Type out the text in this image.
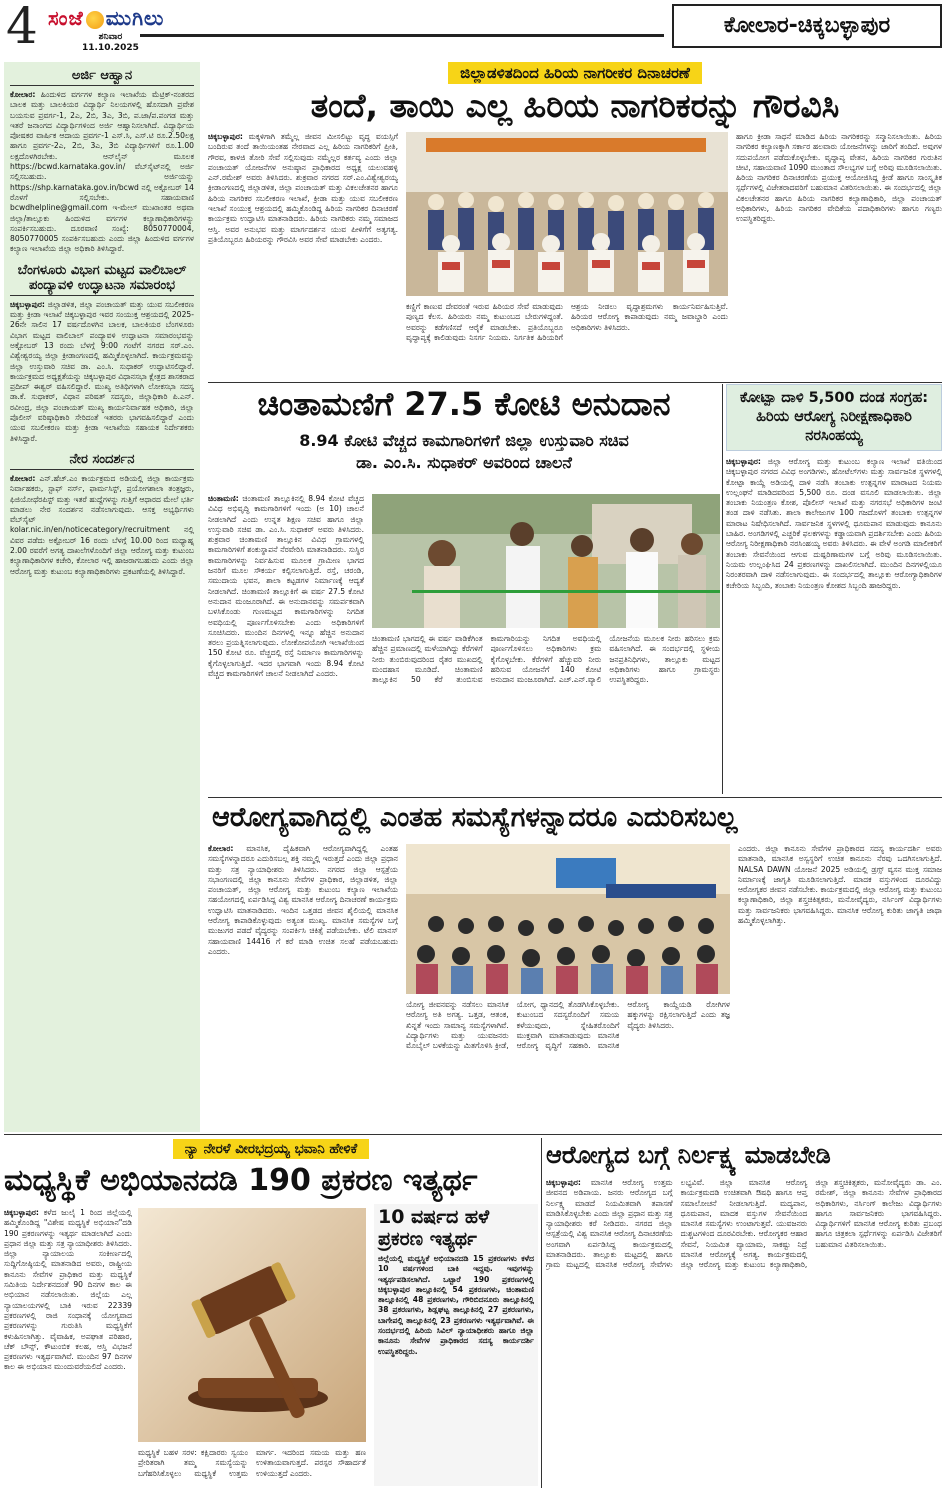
4 ಸಂಜೆ ಮುಗಿಲು
ಶನಿವಾರ
11.10.2025
ಕೋಲಾರ-ಚಿಕ್ಕಬಳ್ಳಾಪುರ
ಅರ್ಜಿ ಆಹ್ವಾನ
ಕೋಲಾರ: ಹಿಂದುಳಿದ ವರ್ಗಗಳ ಕಲ್ಯಾಣ ಇಲಾಖೆಯ ಮೆಟ್ರಿಕ್-ನಂತರದ ಬಾಲಕ ಮತ್ತು ಬಾಲಕಿಯರ ವಿದ್ಯಾರ್ಥಿ ನಿಲಯಗಳಲ್ಲಿ ಹೊಸದಾಗಿ ಪ್ರವೇಶ ಬಯಸುವ ಪ್ರವರ್ಗ-1, 2ಎ, 2ಬಿ, 3ಎ, 3ಬಿ, ಪ.ಜಾ/ಪ.ಪಂಗಡ ಮತ್ತು ಇತರೆ ಜನಾಂಗದ ವಿದ್ಯಾರ್ಥಿಗಳಿಂದ ಅರ್ಜಿ ಆಹ್ವಾನಿಸಲಾಗಿದೆ. ವಿದ್ಯಾರ್ಥಿಯ ಪೋಷಕರ ವಾರ್ಷಿಕ ಆದಾಯ ಪ್ರವರ್ಗ-1 ಎಸ್.ಸಿ, ಎಸ್.ಟಿ ರೂ.2.50ಲಕ್ಷ ಹಾಗೂ ಪ್ರವರ್ಗ-2ಎ, 2ಬಿ, 3ಎ, 3ಬಿ ವಿದ್ಯಾರ್ಥಿಗಳಿಗೆ ರೂ.1.00 ಲಕ್ಷದೊಳಗಿರಬೇಕು. ಆನ್‌ಲೈನ್ ಮೂಲಕ https://bcwd.karnataka.gov.in/ ವೆಬ್‌ಸೈಟ್‌ನಲ್ಲಿ ಅರ್ಜಿ ಸಲ್ಲಿಸಬಹುದು. ಅರ್ಜಿಯನ್ನು https://shp.karnataka.gov.in/bcwd ನಲ್ಲಿ ಅಕ್ಟೋಬರ್ 14 ರೊಳಗೆ ಸಲ್ಲಿಸಬೇಕು. ಸಹಾಯವಾಣಿ bcwdhelpline@gmail.com ಇ-ಮೇಲ್ ಮುಖಾಂತರ ಅಥವಾ ಜಿಲ್ಲಾ/ತಾಲ್ಲೂಕು ಹಿಂದುಳಿದ ವರ್ಗಗಳ ಕಲ್ಯಾಣಾಧಿಕಾರಿಗಳನ್ನು ಸಂಪರ್ಕಿಸಬಹುದು. ದೂರವಾಣಿ ಸಂಖ್ಯೆ: 8050770004, 8050770005 ಸಂಪರ್ಕಿಸಬಹುದು ಎಂದು ಜಿಲ್ಲಾ ಹಿಂದುಳಿದ ವರ್ಗಗಳ ಕಲ್ಯಾಣ ಇಲಾಖೆಯ ಜಿಲ್ಲಾ ಅಧಿಕಾರಿ ತಿಳಿಸಿದ್ದಾರೆ.
ಬೆಂಗಳೂರು ವಿಭಾಗ ಮಟ್ಟದ ವಾಲಿಬಾಲ್ ಪಂದ್ಯಾವಳಿ ಉದ್ಘಾಟನಾ ಸಮಾರಂಭ
ಚಿಕ್ಕಬಳ್ಳಾಪುರ: ಜಿಲ್ಲಾಡಳಿತ, ಜಿಲ್ಲಾ ಪಂಚಾಯತ್ ಮತ್ತು ಯುವ ಸಬಲೀಕರಣ ಮತ್ತು ಕ್ರೀಡಾ ಇಲಾಖೆ ಚಿಕ್ಕಬಳ್ಳಾಪುರ ಇವರ ಸಂಯುಕ್ತ ಆಶ್ರಯದಲ್ಲಿ 2025-26ನೇ ಸಾಲಿನ 17 ವರ್ಷದೊಳಗಿನ ಬಾಲಕ, ಬಾಲಕಿಯರ ಬೆಂಗಳೂರು ವಿಭಾಗ ಮಟ್ಟದ ವಾಲಿಬಾಲ್ ಪಂದ್ಯಾವಳಿ ಉದ್ಘಾಟನಾ ಸಮಾರಂಭವನ್ನು ಅಕ್ಟೋಬರ್ 13 ರಂದು ಬೆಳಗ್ಗೆ 9:00 ಗಂಟೆಗೆ ನಗರದ ಸರ್.ಎಂ. ವಿಶ್ವೇಶ್ವರಯ್ಯ ಜಿಲ್ಲಾ ಕ್ರೀಡಾಂಗಣದಲ್ಲಿ ಹಮ್ಮಿಕೊಳ್ಳಲಾಗಿದೆ. ಕಾರ್ಯಕ್ರಮವನ್ನು ಜಿಲ್ಲಾ ಉಸ್ತುವಾರಿ ಸಚಿವ ಡಾ. ಎಂ.ಸಿ. ಸುಧಾಕರ್ ಉದ್ಘಾಟಿಸಲಿದ್ದಾರೆ. ಕಾರ್ಯಕ್ರಮದ ಅಧ್ಯಕ್ಷತೆಯನ್ನು ಚಿಕ್ಕಬಳ್ಳಾಪುರ ವಿಧಾನಸಭಾ ಕ್ಷೇತ್ರದ ಶಾಸಕರಾದ ಪ್ರದೀಪ್ ಈಶ್ವರ್ ವಹಿಸಲಿದ್ದಾರೆ. ಮುಖ್ಯ ಅತಿಥಿಗಳಾಗಿ ಲೋಕಸಭಾ ಸದಸ್ಯ ಡಾ.ಕೆ. ಸುಧಾಕರ್, ವಿಧಾನ ಪರಿಷತ್ ಸದಸ್ಯರು, ಜಿಲ್ಲಾಧಿಕಾರಿ ಪಿ.ಎನ್. ರವೀಂದ್ರ, ಜಿಲ್ಲಾ ಪಂಚಾಯತ್ ಮುಖ್ಯ ಕಾರ್ಯನಿರ್ವಾಹಕ ಅಧಿಕಾರಿ, ಜಿಲ್ಲಾ ಪೊಲೀಸ್ ವರಿಷ್ಠಾಧಿಕಾರಿ ಸೇರಿದಂತೆ ಇತರರು ಭಾಗವಹಿಸಲಿದ್ದಾರೆ ಎಂದು ಯುವ ಸಬಲೀಕರಣ ಮತ್ತು ಕ್ರೀಡಾ ಇಲಾಖೆಯ ಸಹಾಯಕ ನಿರ್ದೇಶಕರು ತಿಳಿಸಿದ್ದಾರೆ.
ನೇರ ಸಂದರ್ಶನ
ಕೋಲಾರ: ಎನ್.ಹೆಚ್.ಎಂ ಕಾರ್ಯಕ್ರಮದ ಅಡಿಯಲ್ಲಿ ಜಿಲ್ಲಾ ಕಾರ್ಯಕ್ರಮ ನಿರ್ವಾಹಕರು, ಸ್ಟಾಫ್ ನರ್ಸ್, ಫಾರ್ಮಸಿಸ್ಟ್, ಪ್ರಯೋಗಶಾಲಾ ತಂತ್ರಜ್ಞರು, ಫಿಜಿಯೋಥೆರಪಿಸ್ಟ್ ಮತ್ತು ಇತರೆ ಹುದ್ದೆಗಳನ್ನು ಗುತ್ತಿಗೆ ಆಧಾರದ ಮೇಲೆ ಭರ್ತಿ ಮಾಡಲು ನೇರ ಸಂದರ್ಶನ ನಡೆಸಲಾಗುವುದು. ಆಸಕ್ತ ಅಭ್ಯರ್ಥಿಗಳು ವೆಬ್‌ಸೈಟ್ kolar.nic.in/en/noticecategory/recruitment ನಲ್ಲಿ ವಿವರ ಪಡೆದು ಅಕ್ಟೋಬರ್ 16 ರಂದು ಬೆಳಗ್ಗೆ 10.00 ರಿಂದ ಮಧ್ಯಾಹ್ನ 2.00 ರವರೆಗೆ ಅಗತ್ಯ ದಾಖಲೆಗಳೊಂದಿಗೆ ಜಿಲ್ಲಾ ಆರೋಗ್ಯ ಮತ್ತು ಕುಟುಂಬ ಕಲ್ಯಾಣಾಧಿಕಾರಿಗಳ ಕಚೇರಿ, ಕೋಲಾರ ಇಲ್ಲಿ ಹಾಜರಾಗಬಹುದು ಎಂದು ಜಿಲ್ಲಾ ಆರೋಗ್ಯ ಮತ್ತು ಕುಟುಂಬ ಕಲ್ಯಾಣಾಧಿಕಾರಿಗಳು ಪ್ರಕಟಣೆಯಲ್ಲಿ ತಿಳಿಸಿದ್ದಾರೆ.
ಜಿಲ್ಲಾಡಳಿತದಿಂದ ಹಿರಿಯ ನಾಗರೀಕರ ದಿನಾಚರಣೆ
ತಂದೆ, ತಾಯಿ ಎಲ್ಲ ಹಿರಿಯ ನಾಗರಿಕರನ್ನು ಗೌರವಿಸಿ
ಚಿಕ್ಕಬಳ್ಳಾಪುರ: ಮಕ್ಕಳಿಗಾಗಿ ತಮ್ಮೆಲ್ಲ ಜೀವನ ಮೀಸಲಿಟ್ಟು ವೃದ್ಧ ವಯಸ್ಸಿಗೆ ಬಂದಿರುವ ತಂದೆ ತಾಯಿಯಂತಹ ನೇರವಾದ ಎಲ್ಲ ಹಿರಿಯ ನಾಗರಿಕರಿಗೆ ಪ್ರೀತಿ, ಗೌರವ, ಕಾಳಜಿ ತೋರಿ ಸೇವೆ ಸಲ್ಲಿಸುವುದು ನಮ್ಮೆಲ್ಲರ ಕರ್ತವ್ಯ ಎಂದು ಜಿಲ್ಲಾ ಪಂಚಾಯತ್ ಯೋಜನೆಗಳ ಅನುಷ್ಠಾನ ಪ್ರಾಧಿಕಾರದ ಅಧ್ಯಕ್ಷ ಯಲುವಹಳ್ಳಿ ಎನ್.ರಮೇಶ್ ಅವರು ತಿಳಿಸಿದರು. ಶುಕ್ರವಾರ ನಗರದ ಸರ್.ಎಂ.ವಿಶ್ವೇಶ್ವರಯ್ಯ ಕ್ರೀಡಾಂಗಣದಲ್ಲಿ ಜಿಲ್ಲಾಡಳಿತ, ಜಿಲ್ಲಾ ಪಂಚಾಯತ್ ಮತ್ತು ವಿಕಲಚೇತನರ ಹಾಗೂ ಹಿರಿಯ ನಾಗರಿಕರ ಸಬಲೀಕರಣ ಇಲಾಖೆ, ಕ್ರೀಡಾ ಮತ್ತು ಯುವ ಸಬಲೀಕರಣ ಇಲಾಖೆ ಸಂಯುಕ್ತ ಆಶ್ರಯದಲ್ಲಿ ಹಮ್ಮಿಕೊಂಡಿದ್ದ ಹಿರಿಯ ನಾಗರಿಕರ ದಿನಾಚರಣೆ ಕಾರ್ಯಕ್ರಮ ಉದ್ಘಾಟಿಸಿ ಮಾತನಾಡಿದರು. ಹಿರಿಯ ನಾಗರಿಕರು ನಮ್ಮ ಸಮಾಜದ ಆಸ್ತಿ. ಅವರ ಅನುಭವ ಮತ್ತು ಮಾರ್ಗದರ್ಶನ ಯುವ ಪೀಳಿಗೆಗೆ ಅತ್ಯಗತ್ಯ. ಪ್ರತಿಯೊಬ್ಬರೂ ಹಿರಿಯರನ್ನು ಗೌರವಿಸಿ ಅವರ ಸೇವೆ ಮಾಡಬೇಕು ಎಂದರು.
ಕಣ್ಣಿಗೆ ಕಾಣುವ ದೇವರಂತೆ ಇರುವ ಹಿರಿಯರ ಸೇವೆ ಮಾಡುವುದು ಪುಣ್ಯದ ಕೆಲಸ. ಹಿರಿಯರು ನಮ್ಮ ಕುಟುಂಬದ ಬೇರುಗಳಿದ್ದಂತೆ. ಅವರನ್ನು ಕಡೆಗಣಿಸದೆ ಆರೈಕೆ ಮಾಡಬೇಕು. ಪ್ರತಿಯೊಬ್ಬರೂ ವೃದ್ಧಾಪ್ಯಕ್ಕೆ ಕಾಲಿಡುವುದು ನಿಸರ್ಗ ನಿಯಮ. ನಿರ್ಗತಿಕ ಹಿರಿಯರಿಗೆ ಆಶ್ರಯ ನೀಡಲು ವೃದ್ಧಾಶ್ರಮಗಳು ಕಾರ್ಯನಿರ್ವಹಿಸುತ್ತಿವೆ. ಹಿರಿಯರ ಆರೋಗ್ಯ ಕಾಪಾಡುವುದು ನಮ್ಮ ಜವಾಬ್ದಾರಿ ಎಂದು ಅಧಿಕಾರಿಗಳು ತಿಳಿಸಿದರು.
ಹಾಗೂ ಕ್ರೀಡಾ ಸಾಧನೆ ಮಾಡಿದ ಹಿರಿಯ ನಾಗರಿಕರನ್ನು ಸನ್ಮಾನಿಸಲಾಯಿತು. ಹಿರಿಯ ನಾಗರಿಕರ ಕಲ್ಯಾಣಕ್ಕಾಗಿ ಸರ್ಕಾರ ಹಲವಾರು ಯೋಜನೆಗಳನ್ನು ಜಾರಿಗೆ ತಂದಿದೆ. ಅವುಗಳ ಸದುಪಯೋಗ ಪಡೆದುಕೊಳ್ಳಬೇಕು. ವೃದ್ಧಾಪ್ಯ ವೇತನ, ಹಿರಿಯ ನಾಗರಿಕರ ಗುರುತಿನ ಚೀಟಿ, ಸಹಾಯವಾಣಿ 1090 ಮುಂತಾದ ಸೌಲಭ್ಯಗಳ ಬಗ್ಗೆ ಅರಿವು ಮೂಡಿಸಲಾಯಿತು. ಹಿರಿಯ ನಾಗರಿಕರ ದಿನಾಚರಣೆಯ ಪ್ರಯುಕ್ತ ಆಯೋಜಿಸಿದ್ದ ಕ್ರೀಡೆ ಹಾಗೂ ಸಾಂಸ್ಕೃತಿಕ ಸ್ಪರ್ಧೆಗಳಲ್ಲಿ ವಿಜೇತರಾದವರಿಗೆ ಬಹುಮಾನ ವಿತರಿಸಲಾಯಿತು. ಈ ಸಂದರ್ಭದಲ್ಲಿ ಜಿಲ್ಲಾ ವಿಕಲಚೇತನರ ಹಾಗೂ ಹಿರಿಯ ನಾಗರಿಕರ ಕಲ್ಯಾಣಾಧಿಕಾರಿ, ಜಿಲ್ಲಾ ಪಂಚಾಯತ್ ಅಧಿಕಾರಿಗಳು, ಹಿರಿಯ ನಾಗರಿಕರ ವೇದಿಕೆಯ ಪದಾಧಿಕಾರಿಗಳು ಹಾಗೂ ಗಣ್ಯರು ಉಪಸ್ಥಿತರಿದ್ದರು.
ಚಿಂತಾಮಣಿಗೆ 27.5 ಕೋಟಿ ಅನುದಾನ
8.94 ಕೋಟಿ ವೆಚ್ಚದ ಕಾಮಗಾರಿಗಳಿಗೆ ಜಿಲ್ಲಾ ಉಸ್ತುವಾರಿ ಸಚಿವ
ಡಾ. ಎಂ.ಸಿ. ಸುಧಾಕರ್ ಅವರಿಂದ ಚಾಲನೆ
ಚಿಂತಾಮಣಿ: ಚಿಂತಾಮಣಿ ತಾಲ್ಲೂಕಿನಲ್ಲಿ 8.94 ಕೋಟಿ ವೆಚ್ಚದ ವಿವಿಧ ಅಭಿವೃದ್ಧಿ ಕಾಮಗಾರಿಗಳಿಗೆ ಇಂದು (ಅ 10) ಚಾಲನೆ ನೀಡಲಾಗಿದೆ ಎಂದು ಉನ್ನತ ಶಿಕ್ಷಣ ಸಚಿವ ಹಾಗೂ ಜಿಲ್ಲಾ ಉಸ್ತುವಾರಿ ಸಚಿವ ಡಾ. ಎಂ.ಸಿ. ಸುಧಾಕರ್ ಅವರು ತಿಳಿಸಿದರು. ಶುಕ್ರವಾರ ಚಿಂತಾಮಣಿ ತಾಲ್ಲೂಕಿನ ವಿವಿಧ ಗ್ರಾಮಗಳಲ್ಲಿ ಕಾಮಗಾರಿಗಳಿಗೆ ಶಂಕುಸ್ಥಾಪನೆ ನೆರವೇರಿಸಿ ಮಾತನಾಡಿದರು. ಸುಸ್ಥಿರ ಕಾಮಗಾರಿಗಳನ್ನು ನಿರ್ವಹಿಸುವ ಮೂಲಕ ಗ್ರಾಮೀಣ ಭಾಗದ ಜನರಿಗೆ ಮೂಲ ಸೌಕರ್ಯ ಕಲ್ಪಿಸಲಾಗುತ್ತಿದೆ. ರಸ್ತೆ, ಚರಂಡಿ, ಸಮುದಾಯ ಭವನ, ಶಾಲಾ ಕಟ್ಟಡಗಳ ನಿರ್ಮಾಣಕ್ಕೆ ಆದ್ಯತೆ ನೀಡಲಾಗಿದೆ. ಚಿಂತಾಮಣಿ ತಾಲ್ಲೂಕಿಗೆ ಈ ವರ್ಷ 27.5 ಕೋಟಿ ಅನುದಾನ ಮಂಜೂರಾಗಿದೆ. ಈ ಅನುದಾನವನ್ನು ಸಮರ್ಪಕವಾಗಿ ಬಳಸಿಕೊಂಡು ಗುಣಮಟ್ಟದ ಕಾಮಗಾರಿಗಳನ್ನು ನಿಗದಿತ ಅವಧಿಯಲ್ಲಿ ಪೂರ್ಣಗೊಳಿಸಬೇಕು ಎಂದು ಅಧಿಕಾರಿಗಳಿಗೆ ಸೂಚಿಸಿದರು. ಮುಂದಿನ ದಿನಗಳಲ್ಲಿ ಇನ್ನೂ ಹೆಚ್ಚಿನ ಅನುದಾನ ತರಲು ಪ್ರಯತ್ನಿಸಲಾಗುವುದು. ಲೋಕೋಪಯೋಗಿ ಇಲಾಖೆಯಿಂದ 150 ಕೋಟಿ ರೂ. ವೆಚ್ಚದಲ್ಲಿ ರಸ್ತೆ ನಿರ್ಮಾಣ ಕಾಮಗಾರಿಗಳನ್ನು ಕೈಗೊಳ್ಳಲಾಗುತ್ತಿದೆ. ಇದರ ಭಾಗವಾಗಿ ಇಂದು 8.94 ಕೋಟಿ ವೆಚ್ಚದ ಕಾಮಗಾರಿಗಳಿಗೆ ಚಾಲನೆ ನೀಡಲಾಗಿದೆ ಎಂದರು.
ಚಿಂತಾಮಣಿ ಭಾಗದಲ್ಲಿ ಈ ವರ್ಷ ವಾಡಿಕೆಗಿಂತ ಹೆಚ್ಚಿನ ಪ್ರಮಾಣದಲ್ಲಿ ಮಳೆಯಾಗಿದ್ದು ಕೆರೆಗಳಿಗೆ ನೀರು ತುಂಬಿರುವುದರಿಂದ ರೈತರ ಮುಖದಲ್ಲಿ ಮಂದಹಾಸ ಮೂಡಿದೆ. ಚಿಂತಾಮಣಿ ತಾಲ್ಲೂಕಿನ 50 ಕೆರೆ ತುಂಬಿಸುವ ಕಾಮಗಾರಿಯನ್ನು ನಿಗದಿತ ಅವಧಿಯಲ್ಲಿ ಪೂರ್ಣಗೊಳಿಸಲು ಅಧಿಕಾರಿಗಳು ಕ್ರಮ ಕೈಗೊಳ್ಳಬೇಕು. ಕೆರೆಗಳಿಗೆ ಹೆಚ್ಚುವರಿ ನೀರು ಹರಿಸುವ ಯೋಜನೆಗೆ 140 ಕೋಟಿ ಅನುದಾನ ಮಂಜೂರಾಗಿದೆ. ಎಚ್.ಎನ್.ವ್ಯಾಲಿ ಯೋಜನೆಯ ಮೂಲಕ ನೀರು ಹರಿಸಲು ಕ್ರಮ ವಹಿಸಲಾಗಿದೆ. ಈ ಸಂದರ್ಭದಲ್ಲಿ ಸ್ಥಳೀಯ ಜನಪ್ರತಿನಿಧಿಗಳು, ತಾಲ್ಲೂಕು ಮಟ್ಟದ ಅಧಿಕಾರಿಗಳು ಹಾಗೂ ಗ್ರಾಮಸ್ಥರು ಉಪಸ್ಥಿತರಿದ್ದರು.
ಕೋಟ್ಪಾ ದಾಳಿ 5,500 ದಂಡ ಸಂಗ್ರಹ: ಹಿರಿಯ ಆರೋಗ್ಯ ನಿರೀಕ್ಷಣಾಧಿಕಾರಿ ನರಸಿಂಹಯ್ಯ
ಚಿಕ್ಕಬಳ್ಳಾಪುರ: ಜಿಲ್ಲಾ ಆರೋಗ್ಯ ಮತ್ತು ಕುಟುಂಬ ಕಲ್ಯಾಣ ಇಲಾಖೆ ವತಿಯಿಂದ ಚಿಕ್ಕಬಳ್ಳಾಪುರ ನಗರದ ವಿವಿಧ ಅಂಗಡಿಗಳು, ಹೋಟೆಲ್‌ಗಳು ಮತ್ತು ಸಾರ್ವಜನಿಕ ಸ್ಥಳಗಳಲ್ಲಿ ಕೋಟ್ಪಾ ಕಾಯ್ದೆ ಅಡಿಯಲ್ಲಿ ದಾಳಿ ನಡೆಸಿ ತಂಬಾಕು ಉತ್ಪನ್ನಗಳ ಮಾರಾಟದ ನಿಯಮ ಉಲ್ಲಂಘನೆ ಮಾಡಿದವರಿಂದ 5,500 ರೂ. ದಂಡ ವಸೂಲಿ ಮಾಡಲಾಯಿತು. ಜಿಲ್ಲಾ ತಂಬಾಕು ನಿಯಂತ್ರಣ ಕೋಶ, ಪೊಲೀಸ್ ಇಲಾಖೆ ಮತ್ತು ನಗರಸಭೆ ಅಧಿಕಾರಿಗಳ ಜಂಟಿ ತಂಡ ದಾಳಿ ನಡೆಸಿತು. ಶಾಲಾ ಕಾಲೇಜುಗಳ 100 ಗಜದೊಳಗೆ ತಂಬಾಕು ಉತ್ಪನ್ನಗಳ ಮಾರಾಟ ನಿಷೇಧಿಸಲಾಗಿದೆ. ಸಾರ್ವಜನಿಕ ಸ್ಥಳಗಳಲ್ಲಿ ಧೂಮಪಾನ ಮಾಡುವುದು ಕಾನೂನು ಬಾಹಿರ. ಅಂಗಡಿಗಳಲ್ಲಿ ಎಚ್ಚರಿಕೆ ಫಲಕಗಳನ್ನು ಕಡ್ಡಾಯವಾಗಿ ಪ್ರದರ್ಶಿಸಬೇಕು ಎಂದು ಹಿರಿಯ ಆರೋಗ್ಯ ನಿರೀಕ್ಷಣಾಧಿಕಾರಿ ನರಸಿಂಹಯ್ಯ ಅವರು ತಿಳಿಸಿದರು. ಈ ವೇಳೆ ಅಂಗಡಿ ಮಾಲೀಕರಿಗೆ ತಂಬಾಕು ಸೇವನೆಯಿಂದ ಆಗುವ ದುಷ್ಪರಿಣಾಮಗಳ ಬಗ್ಗೆ ಅರಿವು ಮೂಡಿಸಲಾಯಿತು. ನಿಯಮ ಉಲ್ಲಂಘಿಸಿದ 24 ಪ್ರಕರಣಗಳನ್ನು ದಾಖಲಿಸಲಾಗಿದೆ. ಮುಂದಿನ ದಿನಗಳಲ್ಲಿಯೂ ನಿರಂತರವಾಗಿ ದಾಳಿ ನಡೆಸಲಾಗುವುದು. ಈ ಸಂದರ್ಭದಲ್ಲಿ ತಾಲ್ಲೂಕು ಆರೋಗ್ಯಾಧಿಕಾರಿಗಳ ಕಚೇರಿಯ ಸಿಬ್ಬಂದಿ, ತಂಬಾಕು ನಿಯಂತ್ರಣ ಕೋಶದ ಸಿಬ್ಬಂದಿ ಹಾಜರಿದ್ದರು.
ಆರೋಗ್ಯವಾಗಿದ್ದಲ್ಲಿ ಎಂತಹ ಸಮಸ್ಯೆಗಳನ್ನಾದರೂ ಎದುರಿಸಬಲ್ಲ
ಕೋಲಾರ: ಮಾನಸಿಕ, ದೈಹಿಕವಾಗಿ ಆರೋಗ್ಯವಾಗಿದ್ದಲ್ಲಿ ಎಂತಹ ಸಮಸ್ಯೆಗಳನ್ನಾದರೂ ಎದುರಿಸಬಲ್ಲ ಶಕ್ತಿ ನಮ್ಮಲ್ಲಿ ಇರುತ್ತದೆ ಎಂದು ಜಿಲ್ಲಾ ಪ್ರಧಾನ ಮತ್ತು ಸತ್ರ ನ್ಯಾಯಾಧೀಶರು ತಿಳಿಸಿದರು. ನಗರದ ಜಿಲ್ಲಾ ಆಸ್ಪತ್ರೆಯ ಸಭಾಂಗಣದಲ್ಲಿ ಜಿಲ್ಲಾ ಕಾನೂನು ಸೇವೆಗಳ ಪ್ರಾಧಿಕಾರ, ಜಿಲ್ಲಾಡಳಿತ, ಜಿಲ್ಲಾ ಪಂಚಾಯತ್, ಜಿಲ್ಲಾ ಆರೋಗ್ಯ ಮತ್ತು ಕುಟುಂಬ ಕಲ್ಯಾಣ ಇಲಾಖೆಯ ಸಹಯೋಗದಲ್ಲಿ ಏರ್ಪಡಿಸಿದ್ದ ವಿಶ್ವ ಮಾನಸಿಕ ಆರೋಗ್ಯ ದಿನಾಚರಣೆ ಕಾರ್ಯಕ್ರಮ ಉದ್ಘಾಟಿಸಿ ಮಾತನಾಡಿದರು. ಇಂದಿನ ಒತ್ತಡದ ಜೀವನ ಶೈಲಿಯಲ್ಲಿ ಮಾನಸಿಕ ಆರೋಗ್ಯ ಕಾಪಾಡಿಕೊಳ್ಳುವುದು ಅತ್ಯಂತ ಮುಖ್ಯ. ಮಾನಸಿಕ ಸಮಸ್ಯೆಗಳ ಬಗ್ಗೆ ಮುಜುಗರ ಪಡದೆ ವೈದ್ಯರನ್ನು ಸಂಪರ್ಕಿಸಿ ಚಿಕಿತ್ಸೆ ಪಡೆಯಬೇಕು. ಟೆಲಿ ಮಾನಸ್ ಸಹಾಯವಾಣಿ 14416 ಗೆ ಕರೆ ಮಾಡಿ ಉಚಿತ ಸಲಹೆ ಪಡೆಯಬಹುದು ಎಂದರು.
ಯೋಗ್ಯ ಜೀವನವನ್ನು ನಡೆಸಲು ಮಾನಸಿಕ ಆರೋಗ್ಯ ಅತಿ ಅಗತ್ಯ. ಒತ್ತಡ, ಆತಂಕ, ಖಿನ್ನತೆ ಇಂದು ಸಾಮಾನ್ಯ ಸಮಸ್ಯೆಗಳಾಗಿವೆ. ವಿದ್ಯಾರ್ಥಿಗಳು ಮತ್ತು ಯುವಜನರು ಮೊಬೈಲ್ ಬಳಕೆಯನ್ನು ಮಿತಗೊಳಿಸಿ ಕ್ರೀಡೆ, ಯೋಗ, ಧ್ಯಾನದಲ್ಲಿ ತೊಡಗಿಸಿಕೊಳ್ಳಬೇಕು. ಕುಟುಂಬದ ಸದಸ್ಯರೊಂದಿಗೆ ಸಮಯ ಕಳೆಯುವುದು, ಸ್ನೇಹಿತರೊಂದಿಗೆ ಮುಕ್ತವಾಗಿ ಮಾತನಾಡುವುದು ಮಾನಸಿಕ ಆರೋಗ್ಯ ವೃದ್ಧಿಗೆ ಸಹಕಾರಿ. ಮಾನಸಿಕ ಆರೋಗ್ಯ ಕಾಯ್ದೆಯಡಿ ರೋಗಿಗಳ ಹಕ್ಕುಗಳನ್ನು ರಕ್ಷಿಸಲಾಗುತ್ತಿದೆ ಎಂದು ತಜ್ಞ ವೈದ್ಯರು ತಿಳಿಸಿದರು.
ಎಂದರು. ಜಿಲ್ಲಾ ಕಾನೂನು ಸೇವೆಗಳ ಪ್ರಾಧಿಕಾರದ ಸದಸ್ಯ ಕಾರ್ಯದರ್ಶಿ ಅವರು ಮಾತನಾಡಿ, ಮಾನಸಿಕ ಅಸ್ವಸ್ಥರಿಗೆ ಉಚಿತ ಕಾನೂನು ನೆರವು ಒದಗಿಸಲಾಗುತ್ತಿದೆ. NALSA DAWN ಯೋಜನೆ 2025 ಅಡಿಯಲ್ಲಿ ಡ್ರಗ್ಸ್ ವ್ಯಸನ ಮುಕ್ತ ಸಮಾಜ ನಿರ್ಮಾಣಕ್ಕೆ ಜಾಗೃತಿ ಮೂಡಿಸಲಾಗುತ್ತಿದೆ. ಮಾದಕ ವಸ್ತುಗಳಿಂದ ದೂರವಿದ್ದು ಆರೋಗ್ಯಕರ ಜೀವನ ನಡೆಸಬೇಕು. ಕಾರ್ಯಕ್ರಮದಲ್ಲಿ ಜಿಲ್ಲಾ ಆರೋಗ್ಯ ಮತ್ತು ಕುಟುಂಬ ಕಲ್ಯಾಣಾಧಿಕಾರಿ, ಜಿಲ್ಲಾ ಶಸ್ತ್ರಚಿಕಿತ್ಸಕರು, ಮನೋವೈದ್ಯರು, ನರ್ಸಿಂಗ್ ವಿದ್ಯಾರ್ಥಿಗಳು ಮತ್ತು ಸಾರ್ವಜನಿಕರು ಭಾಗವಹಿಸಿದ್ದರು. ಮಾನಸಿಕ ಆರೋಗ್ಯ ಕುರಿತು ಜಾಗೃತಿ ಜಾಥಾ ಹಮ್ಮಿಕೊಳ್ಳಲಾಗಿತ್ತು.
ನ್ಯಾ ನೇರಳೆ ವೀರಭದ್ರಯ್ಯ ಭವಾನಿ ಹೇಳಿಕೆ
ಮಧ್ಯಸ್ಥಿಕೆ ಅಭಿಯಾನದಡಿ 190 ಪ್ರಕರಣ ಇತ್ಯರ್ಥ
ಚಿಕ್ಕಬಳ್ಳಾಪುರ: ಕಳೆದ ಜುಲೈ 1 ರಿಂದ ಜಿಲ್ಲೆಯಲ್ಲಿ ಹಮ್ಮಿಕೊಂಡಿದ್ದ "ವಿಶೇಷ ಮಧ್ಯಸ್ಥಿಕೆ ಅಭಿಯಾನ"ದಡಿ 190 ಪ್ರಕರಣಗಳನ್ನು ಇತ್ಯರ್ಥ ಮಾಡಲಾಗಿದೆ ಎಂದು ಪ್ರಧಾನ ಜಿಲ್ಲಾ ಮತ್ತು ಸತ್ರ ನ್ಯಾಯಾಧೀಶರು ತಿಳಿಸಿದರು. ಜಿಲ್ಲಾ ನ್ಯಾಯಾಲಯ ಸಂಕೀರ್ಣದಲ್ಲಿ ಸುದ್ದಿಗೋಷ್ಠಿಯಲ್ಲಿ ಮಾತನಾಡಿದ ಅವರು, ರಾಷ್ಟ್ರೀಯ ಕಾನೂನು ಸೇವೆಗಳ ಪ್ರಾಧಿಕಾರ ಮತ್ತು ಮಧ್ಯಸ್ಥಿಕೆ ಸಮಿತಿಯ ನಿರ್ದೇಶನದಂತೆ 90 ದಿನಗಳ ಕಾಲ ಈ ಅಭಿಯಾನ ನಡೆಸಲಾಯಿತು. ಜಿಲ್ಲೆಯ ಎಲ್ಲ ನ್ಯಾಯಾಲಯಗಳಲ್ಲಿ ಬಾಕಿ ಇರುವ 22339 ಪ್ರಕರಣಗಳಲ್ಲಿ ರಾಜಿ ಸಂಧಾನಕ್ಕೆ ಯೋಗ್ಯವಾದ ಪ್ರಕರಣಗಳನ್ನು ಗುರುತಿಸಿ ಮಧ್ಯಸ್ಥಿಕೆಗೆ ಕಳುಹಿಸಲಾಗಿತ್ತು. ವೈವಾಹಿಕ, ಅಪಘಾತ ಪರಿಹಾರ, ಚೆಕ್ ಬೌನ್ಸ್, ಕೌಟುಂಬಿಕ ಕಲಹ, ಆಸ್ತಿ ವಿಭಜನೆ ಪ್ರಕರಣಗಳು ಇತ್ಯರ್ಥವಾಗಿವೆ. ಮುಂದಿನ 97 ದಿನಗಳ ಕಾಲ ಈ ಅಭಿಯಾನ ಮುಂದುವರೆಯಲಿದೆ ಎಂದರು.
ಮಧ್ಯಸ್ಥಿಕೆ ಬಹಳ ಸರಳ: ಕಕ್ಷಿದಾರರು ಸ್ವಯಂ ಪ್ರೇರಿತರಾಗಿ ತಮ್ಮ ಸಮಸ್ಯೆಯನ್ನು ಬಗೆಹರಿಸಿಕೊಳ್ಳಲು ಮಧ್ಯಸ್ಥಿಕೆ ಉತ್ತಮ ಮಾರ್ಗ. ಇದರಿಂದ ಸಮಯ ಮತ್ತು ಹಣ ಉಳಿತಾಯವಾಗುತ್ತದೆ. ಪರಸ್ಪರ ಸೌಹಾರ್ದತೆ ಉಳಿಯುತ್ತದೆ ಎಂದರು.
10 ವರ್ಷದ ಹಳೆ ಪ್ರಕರಣ ಇತ್ಯರ್ಥ
ಜಿಲ್ಲೆಯಲ್ಲಿ ಮಧ್ಯಸ್ಥಿಕೆ ಅಭಿಯಾನದಡಿ 15 ಪ್ರಕರಣಗಳು ಕಳೆದ 10 ವರ್ಷಗಳಿಂದ ಬಾಕಿ ಇದ್ದವು. ಇವುಗಳನ್ನು ಇತ್ಯರ್ಥಪಡಿಸಲಾಗಿದೆ. ಒಟ್ಟಾರೆ 190 ಪ್ರಕರಣಗಳಲ್ಲಿ ಚಿಕ್ಕಬಳ್ಳಾಪುರ ತಾಲ್ಲೂಕಿನಲ್ಲಿ 54 ಪ್ರಕರಣಗಳು, ಚಿಂತಾಮಣಿ ತಾಲ್ಲೂಕಿನಲ್ಲಿ 48 ಪ್ರಕರಣಗಳು, ಗೌರಿಬಿದನೂರು ತಾಲ್ಲೂಕಿನಲ್ಲಿ 38 ಪ್ರಕರಣಗಳು, ಶಿಡ್ಲಘಟ್ಟ ತಾಲ್ಲೂಕಿನಲ್ಲಿ 27 ಪ್ರಕರಣಗಳು, ಬಾಗೇಪಲ್ಲಿ ತಾಲ್ಲೂಕಿನಲ್ಲಿ 23 ಪ್ರಕರಣಗಳು ಇತ್ಯರ್ಥವಾಗಿವೆ. ಈ ಸಂದರ್ಭದಲ್ಲಿ ಹಿರಿಯ ಸಿವಿಲ್ ನ್ಯಾಯಾಧೀಶರು ಹಾಗೂ ಜಿಲ್ಲಾ ಕಾನೂನು ಸೇವೆಗಳ ಪ್ರಾಧಿಕಾರದ ಸದಸ್ಯ ಕಾರ್ಯದರ್ಶಿ ಉಪಸ್ಥಿತರಿದ್ದರು.
ಆರೋಗ್ಯದ ಬಗ್ಗೆ ನಿರ್ಲಕ್ಷ್ಯ ಮಾಡಬೇಡಿ
ಚಿಕ್ಕಬಳ್ಳಾಪುರ: ಮಾನಸಿಕ ಆರೋಗ್ಯ ಉತ್ತಮ ಜೀವನದ ಅಡಿಪಾಯ. ಜನರು ಆರೋಗ್ಯದ ಬಗ್ಗೆ ನಿರ್ಲಕ್ಷ್ಯ ಮಾಡದೆ ನಿಯಮಿತವಾಗಿ ತಪಾಸಣೆ ಮಾಡಿಸಿಕೊಳ್ಳಬೇಕು ಎಂದು ಜಿಲ್ಲಾ ಪ್ರಧಾನ ಮತ್ತು ಸತ್ರ ನ್ಯಾಯಾಧೀಶರು ಕರೆ ನೀಡಿದರು. ನಗರದ ಜಿಲ್ಲಾ ಆಸ್ಪತ್ರೆಯಲ್ಲಿ ವಿಶ್ವ ಮಾನಸಿಕ ಆರೋಗ್ಯ ದಿನಾಚರಣೆಯ ಅಂಗವಾಗಿ ಏರ್ಪಡಿಸಿದ್ದ ಕಾರ್ಯಕ್ರಮದಲ್ಲಿ ಮಾತನಾಡಿದರು. ತಾಲ್ಲೂಕು ಮಟ್ಟದಲ್ಲಿ ಹಾಗೂ ಗ್ರಾಮ ಮಟ್ಟದಲ್ಲಿ ಮಾನಸಿಕ ಆರೋಗ್ಯ ಸೇವೆಗಳು ಲಭ್ಯವಿವೆ. ಜಿಲ್ಲಾ ಮಾನಸಿಕ ಆರೋಗ್ಯ ಕಾರ್ಯಕ್ರಮದಡಿ ಉಚಿತವಾಗಿ ಔಷಧಿ ಹಾಗೂ ಆಪ್ತ ಸಮಾಲೋಚನೆ ನೀಡಲಾಗುತ್ತಿದೆ. ಮದ್ಯಪಾನ, ಧೂಮಪಾನ, ಮಾದಕ ವಸ್ತುಗಳ ಸೇವನೆಯಿಂದ ಮಾನಸಿಕ ಸಮಸ್ಯೆಗಳು ಉಂಟಾಗುತ್ತವೆ. ಯುವಜನರು ದುಶ್ಚಟಗಳಿಂದ ದೂರವಿರಬೇಕು. ಆರೋಗ್ಯಕರ ಆಹಾರ ಸೇವನೆ, ನಿಯಮಿತ ವ್ಯಾಯಾಮ, ಸಾಕಷ್ಟು ನಿದ್ರೆ ಮಾನಸಿಕ ಆರೋಗ್ಯಕ್ಕೆ ಅಗತ್ಯ. ಕಾರ್ಯಕ್ರಮದಲ್ಲಿ ಜಿಲ್ಲಾ ಆರೋಗ್ಯ ಮತ್ತು ಕುಟುಂಬ ಕಲ್ಯಾಣಾಧಿಕಾರಿ, ಜಿಲ್ಲಾ ಶಸ್ತ್ರಚಿಕಿತ್ಸಕರು, ಮನೋವೈದ್ಯರು ಡಾ. ಎಂ. ರಮೇಶ್, ಜಿಲ್ಲಾ ಕಾನೂನು ಸೇವೆಗಳ ಪ್ರಾಧಿಕಾರದ ಅಧಿಕಾರಿಗಳು, ನರ್ಸಿಂಗ್ ಕಾಲೇಜು ವಿದ್ಯಾರ್ಥಿಗಳು ಹಾಗೂ ಸಾರ್ವಜನಿಕರು ಭಾಗವಹಿಸಿದ್ದರು. ವಿದ್ಯಾರ್ಥಿಗಳಿಗೆ ಮಾನಸಿಕ ಆರೋಗ್ಯ ಕುರಿತು ಪ್ರಬಂಧ ಹಾಗೂ ಚಿತ್ರಕಲಾ ಸ್ಪರ್ಧೆಗಳನ್ನು ಏರ್ಪಡಿಸಿ ವಿಜೇತರಿಗೆ ಬಹುಮಾನ ವಿತರಿಸಲಾಯಿತು.
